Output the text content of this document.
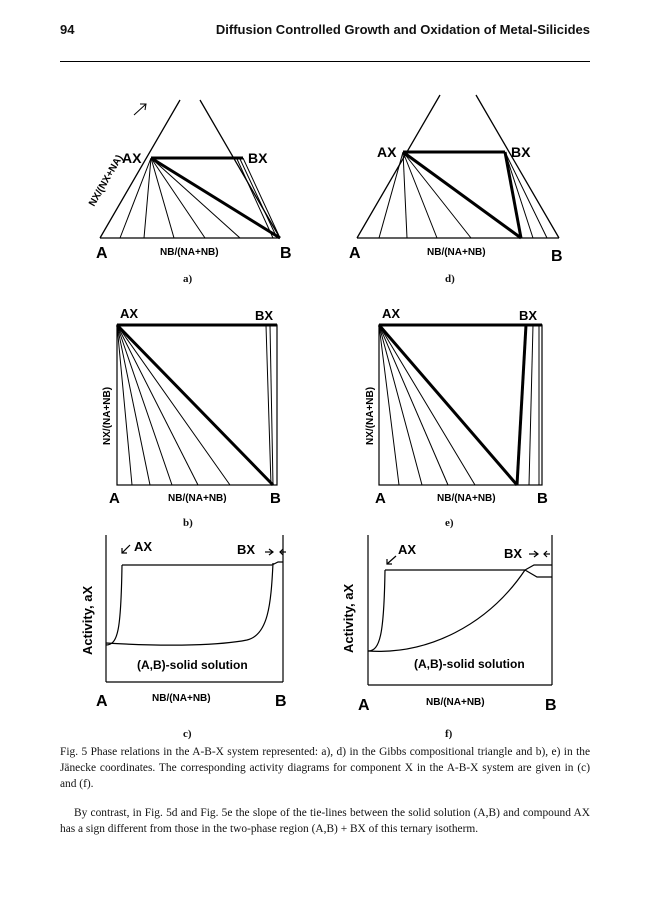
94	Diffusion Controlled Growth and Oxidation of Metal-Silicides
AX	BX
A	B
NB/(NA+NB)
NX/(NX+NA)
a)
AX	BX
A	B
NB/(NA+NB)
d)
AX	BX
A	B
NB/(NA+NB)
NX/(NA+NB)
b)
AX	BX
A	B
NB/(NA+NB)
NX/(NA+NB)
e)
AX	BX
(A,B)-solid solution
A	B
NB/(NA+NB)
Activity, aX
c)
AX	BX
(A,B)-solid solution
A	B
NB/(NA+NB)
Activity, aX
f)
Fig. 5 Phase relations in the A-B-X system represented: a), d) in the Gibbs compositional triangle and b), e) in the Jänecke coordinates. The corresponding activity diagrams for component X in the A-B-X system are given in (c) and (f).
By contrast, in Fig. 5d and Fig. 5e the slope of the tie-lines between the solid solution (A,B) and compound AX has a sign different from those in the two-phase region (A,B) + BX of this ternary isotherm.
